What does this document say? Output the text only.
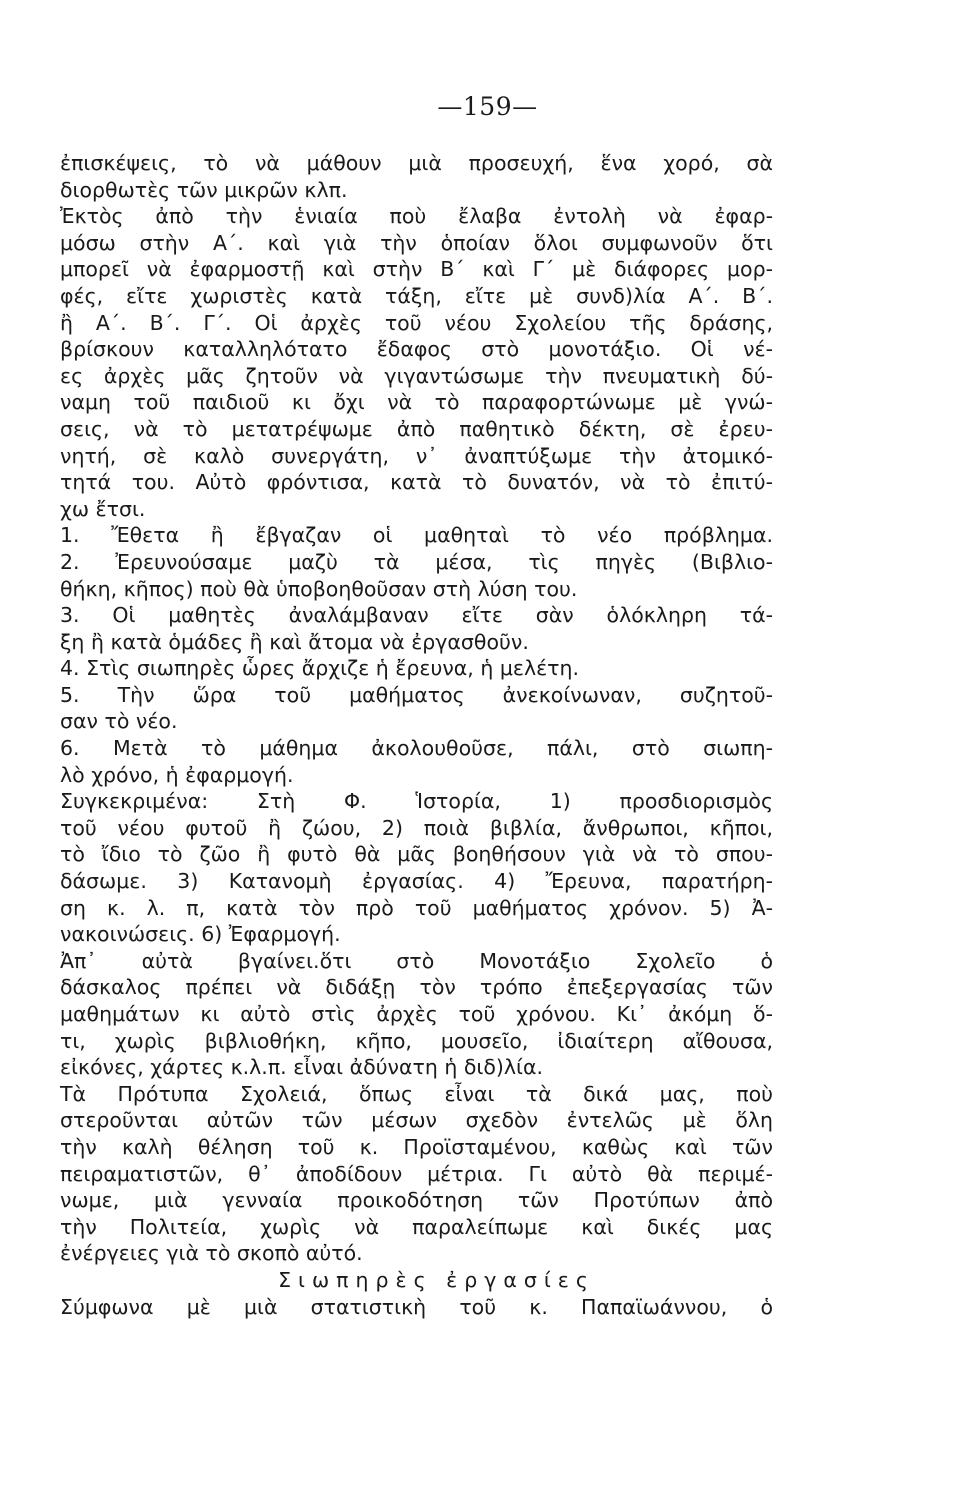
—159—
ἐπισκέψεις, τὸ νὰ μάθουν μιὰ προσευχή, ἕνα χορό, σὰ
διορθωτὲς τῶν μικρῶν κλπ.
Ἐκτὸς ἀπὸ τὴν ἑνιαία ποὺ ἔλαβα ἐντολὴ νὰ ἐφαρ-
μόσω στὴν Α΄. καὶ γιὰ τὴν ὁποίαν ὅλοι συμφωνοῦν ὅτι
μπορεῖ νὰ ἐφαρμοστῇ καὶ στὴν Β΄ καὶ Γ΄ μὲ διάφορες μορ-
φές, εἴτε χωριστὲς κατὰ τάξη, εἴτε μὲ συνδ)λία Α΄. Β΄.
ἢ Α΄. Β΄. Γ΄. Οἱ ἀρχὲς τοῦ νέου Σχολείου τῆς δράσης,
βρίσκουν καταλληλότατο ἔδαφος στὸ μονοτάξιο. Οἱ νέ-
ες ἀρχὲς μᾶς ζητοῦν νὰ γιγαντώσωμε τὴν πνευματικὴ δύ-
ναμη τοῦ παιδιοῦ κι ὄχι νὰ τὸ παραφορτώνωμε μὲ γνώ-
σεις, νὰ τὸ μετατρέψωμε ἀπὸ παθητικὸ δέκτη, σὲ ἐρευ-
νητή, σὲ καλὸ συνεργάτη, ν᾽ ἀναπτύξωμε τὴν ἀτομικό-
τητά του. Αὐτὸ φρόντισα, κατὰ τὸ δυνατόν, νὰ τὸ ἐπιτύ-
χω ἔτσι.
1. Ἔθετα ἢ ἔβγαζαν οἱ μαθηταὶ τὸ νέο πρόβλημα.
2. Ἐρευνούσαμε μαζὺ τὰ μέσα, τὶς πηγὲς (Βιβλιο-
θήκη, κῆπος) ποὺ θὰ ὑποβοηθοῦσαν στὴ λύση του.
3. Οἱ μαθητὲς ἀναλάμβαναν εἴτε σὰν ὁλόκληρη τά-
ξη ἢ κατὰ ὁμάδες ἢ καὶ ἄτομα νὰ ἐργασθοῦν.
4. Στὶς σιωπηρὲς ὧρες ἄρχιζε ἡ ἔρευνα, ἡ μελέτη.
5. Τὴν ὥρα τοῦ μαθήματος ἀνεκοίνωναν, συζητοῦ-
σαν τὸ νέο.
6. Μετὰ τὸ μάθημα ἀκολουθοῦσε, πάλι, στὸ σιωπη-
λὸ χρόνο, ἡ ἐφαρμογή.
Συγκεκριμένα: Στὴ Φ. Ἱστορία, 1) προσδιορισμὸς
τοῦ νέου φυτοῦ ἢ ζώου, 2) ποιὰ βιβλία, ἄνθρωποι, κῆποι,
τὸ ἴδιο τὸ ζῶο ἢ φυτὸ θὰ μᾶς βοηθήσουν γιὰ νὰ τὸ σπου-
δάσωμε. 3) Κατανομὴ ἐργασίας. 4) Ἔρευνα, παρατήρη-
ση κ. λ. π, κατὰ τὸν πρὸ τοῦ μαθήματος χρόνον. 5) Ἀ-
νακοινώσεις. 6) Ἐφαρμογή.
Ἀπ᾽ αὐτὰ βγαίνει.ὅτι στὸ Μονοτάξιο Σχολεῖο ὁ
δάσκαλος πρέπει νὰ διδάξῃ τὸν τρόπο ἐπεξεργασίας τῶν
μαθημάτων κι αὐτὸ στὶς ἀρχὲς τοῦ χρόνου. Κι᾽ ἀκόμη ὅ-
τι, χωρὶς βιβλιοθήκη, κῆπο, μουσεῖο, ἰδιαίτερη αἴθουσα,
εἰκόνες, χάρτες κ.λ.π. εἶναι ἀδύνατη ἡ διδ)λία.
Τὰ Πρότυπα Σχολειά, ὅπως εἶναι τὰ δικά μας, ποὺ
στεροῦνται αὐτῶν τῶν μέσων σχεδὸν ἐντελῶς μὲ ὅλη
τὴν καλὴ θέληση τοῦ κ. Προϊσταμένου, καθὼς καὶ τῶν
πειραματιστῶν, θ᾽ ἀποδίδουν μέτρια. Γι αὐτὸ θὰ περιμέ-
νωμε, μιὰ γενναία προικοδότηση τῶν Προτύπων ἀπὸ
τὴν Πολιτεία, χωρὶς νὰ παραλείπωμε καὶ δικές μας
ἐνέργειες γιὰ τὸ σκοπὸ αὐτό.
Σιωπηρὲς ἐργασίες
Σύμφωνα μὲ μιὰ στατιστικὴ τοῦ κ. Παπαϊωάννου, ὁ
